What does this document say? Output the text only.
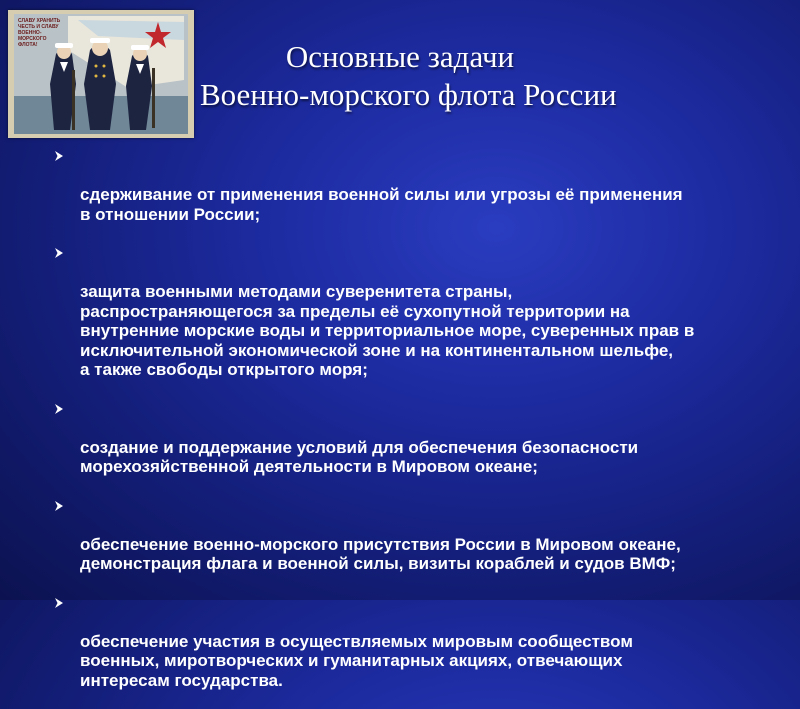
СЛАВУ ХРАНИТЬ
ЧЕСТЬ И СЛАВУ
ВОЕННО-МОРСКОГО
ФЛОТА!	Основные задачи
Военно-морского флота России

сдерживание от применения военной силы или угрозы её применения
в отношении России;

защита военными методами суверенитета страны,
распространяющегося за пределы её сухопутной территории на
внутренние морские воды и территориальное море, суверенных прав в
исключительной экономической зоне и на континентальном шельфе,
а также свободы открытого моря;

создание и поддержание условий для обеспечения безопасности
морехозяйственной деятельности в Мировом океане;

обеспечение военно-морского присутствия России в Мировом океане,
демонстрация флага и военной силы, визиты кораблей и судов ВМФ;

обеспечение участия в осуществляемых мировым сообществом
военных, миротворческих и гуманитарных акциях, отвечающих
интересам государства.
